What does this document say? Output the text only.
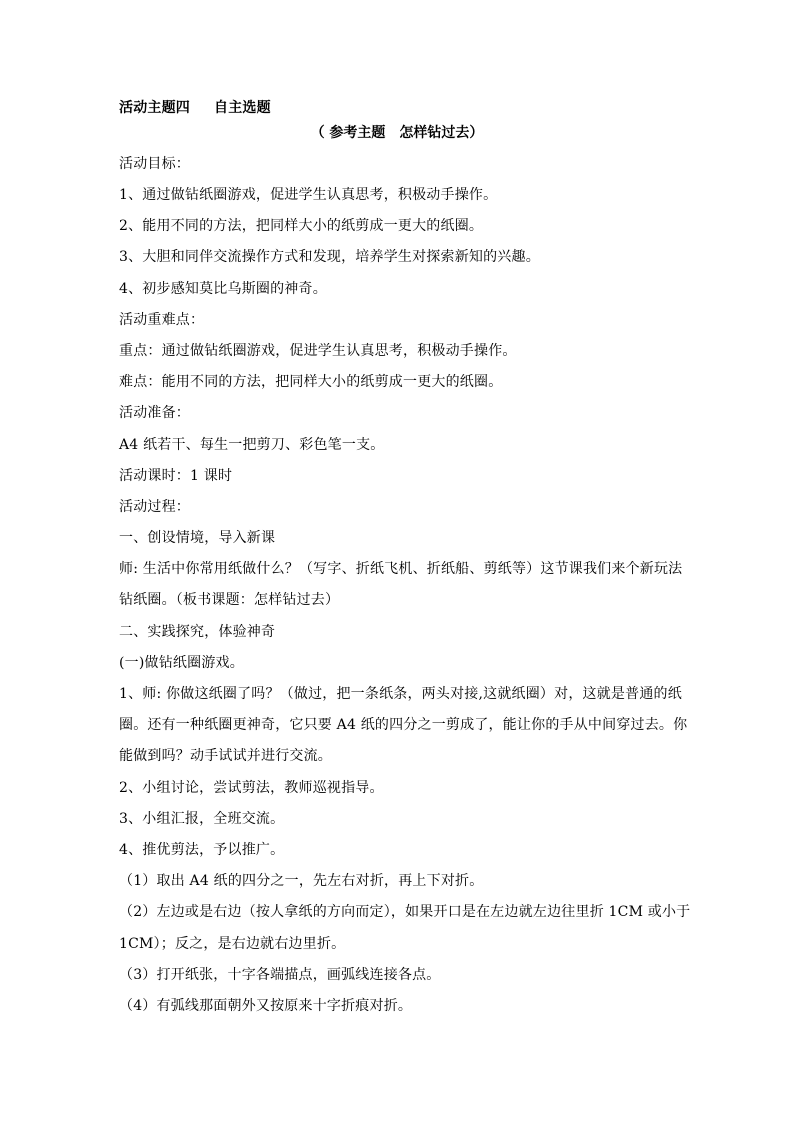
活动主题四 自主选题
（ 参考主题　怎样钻过去）
活动目标：
1、通过做钻纸圈游戏，促进学生认真思考，积极动手操作。
2、能用不同的方法，把同样大小的纸剪成一更大的纸圈。
3、大胆和同伴交流操作方式和发现，培养学生对探索新知的兴趣。
4、初步感知莫比乌斯圈的神奇。
活动重难点：
重点：通过做钻纸圈游戏，促进学生认真思考，积极动手操作。
难点：能用不同的方法，把同样大小的纸剪成一更大的纸圈。
活动准备：
A4 纸若干、每生一把剪刀、彩色笔一支。
活动课时：1 课时
活动过程：
一、创设情境，导入新课
师: 生活中你常用纸做什么？（写字、折纸飞机、折纸船、剪纸等）这节课我们来个新玩法
钻纸圈。（板书课题：怎样钻过去）
二、实践探究，体验神奇
(一)做钻纸圈游戏。
1、师: 你做这纸圈了吗？（做过，把一条纸条，两头对接,这就纸圈）对，这就是普通的纸
圈。还有一种纸圈更神奇，它只要 A4 纸的四分之一剪成了，能让你的手从中间穿过去。你
能做到吗？动手试试并进行交流。
2、小组讨论，尝试剪法，教师巡视指导。
3、小组汇报，全班交流。
4、推优剪法，予以推广。
（1）取出 A4 纸的四分之一，先左右对折，再上下对折。
（2）左边或是右边（按人拿纸的方向而定），如果开口是在左边就左边往里折 1CM 或小于
1CM）；反之，是右边就右边里折。
（3）打开纸张，十字各端描点，画弧线连接各点。
（4）有弧线那面朝外又按原来十字折痕对折。
